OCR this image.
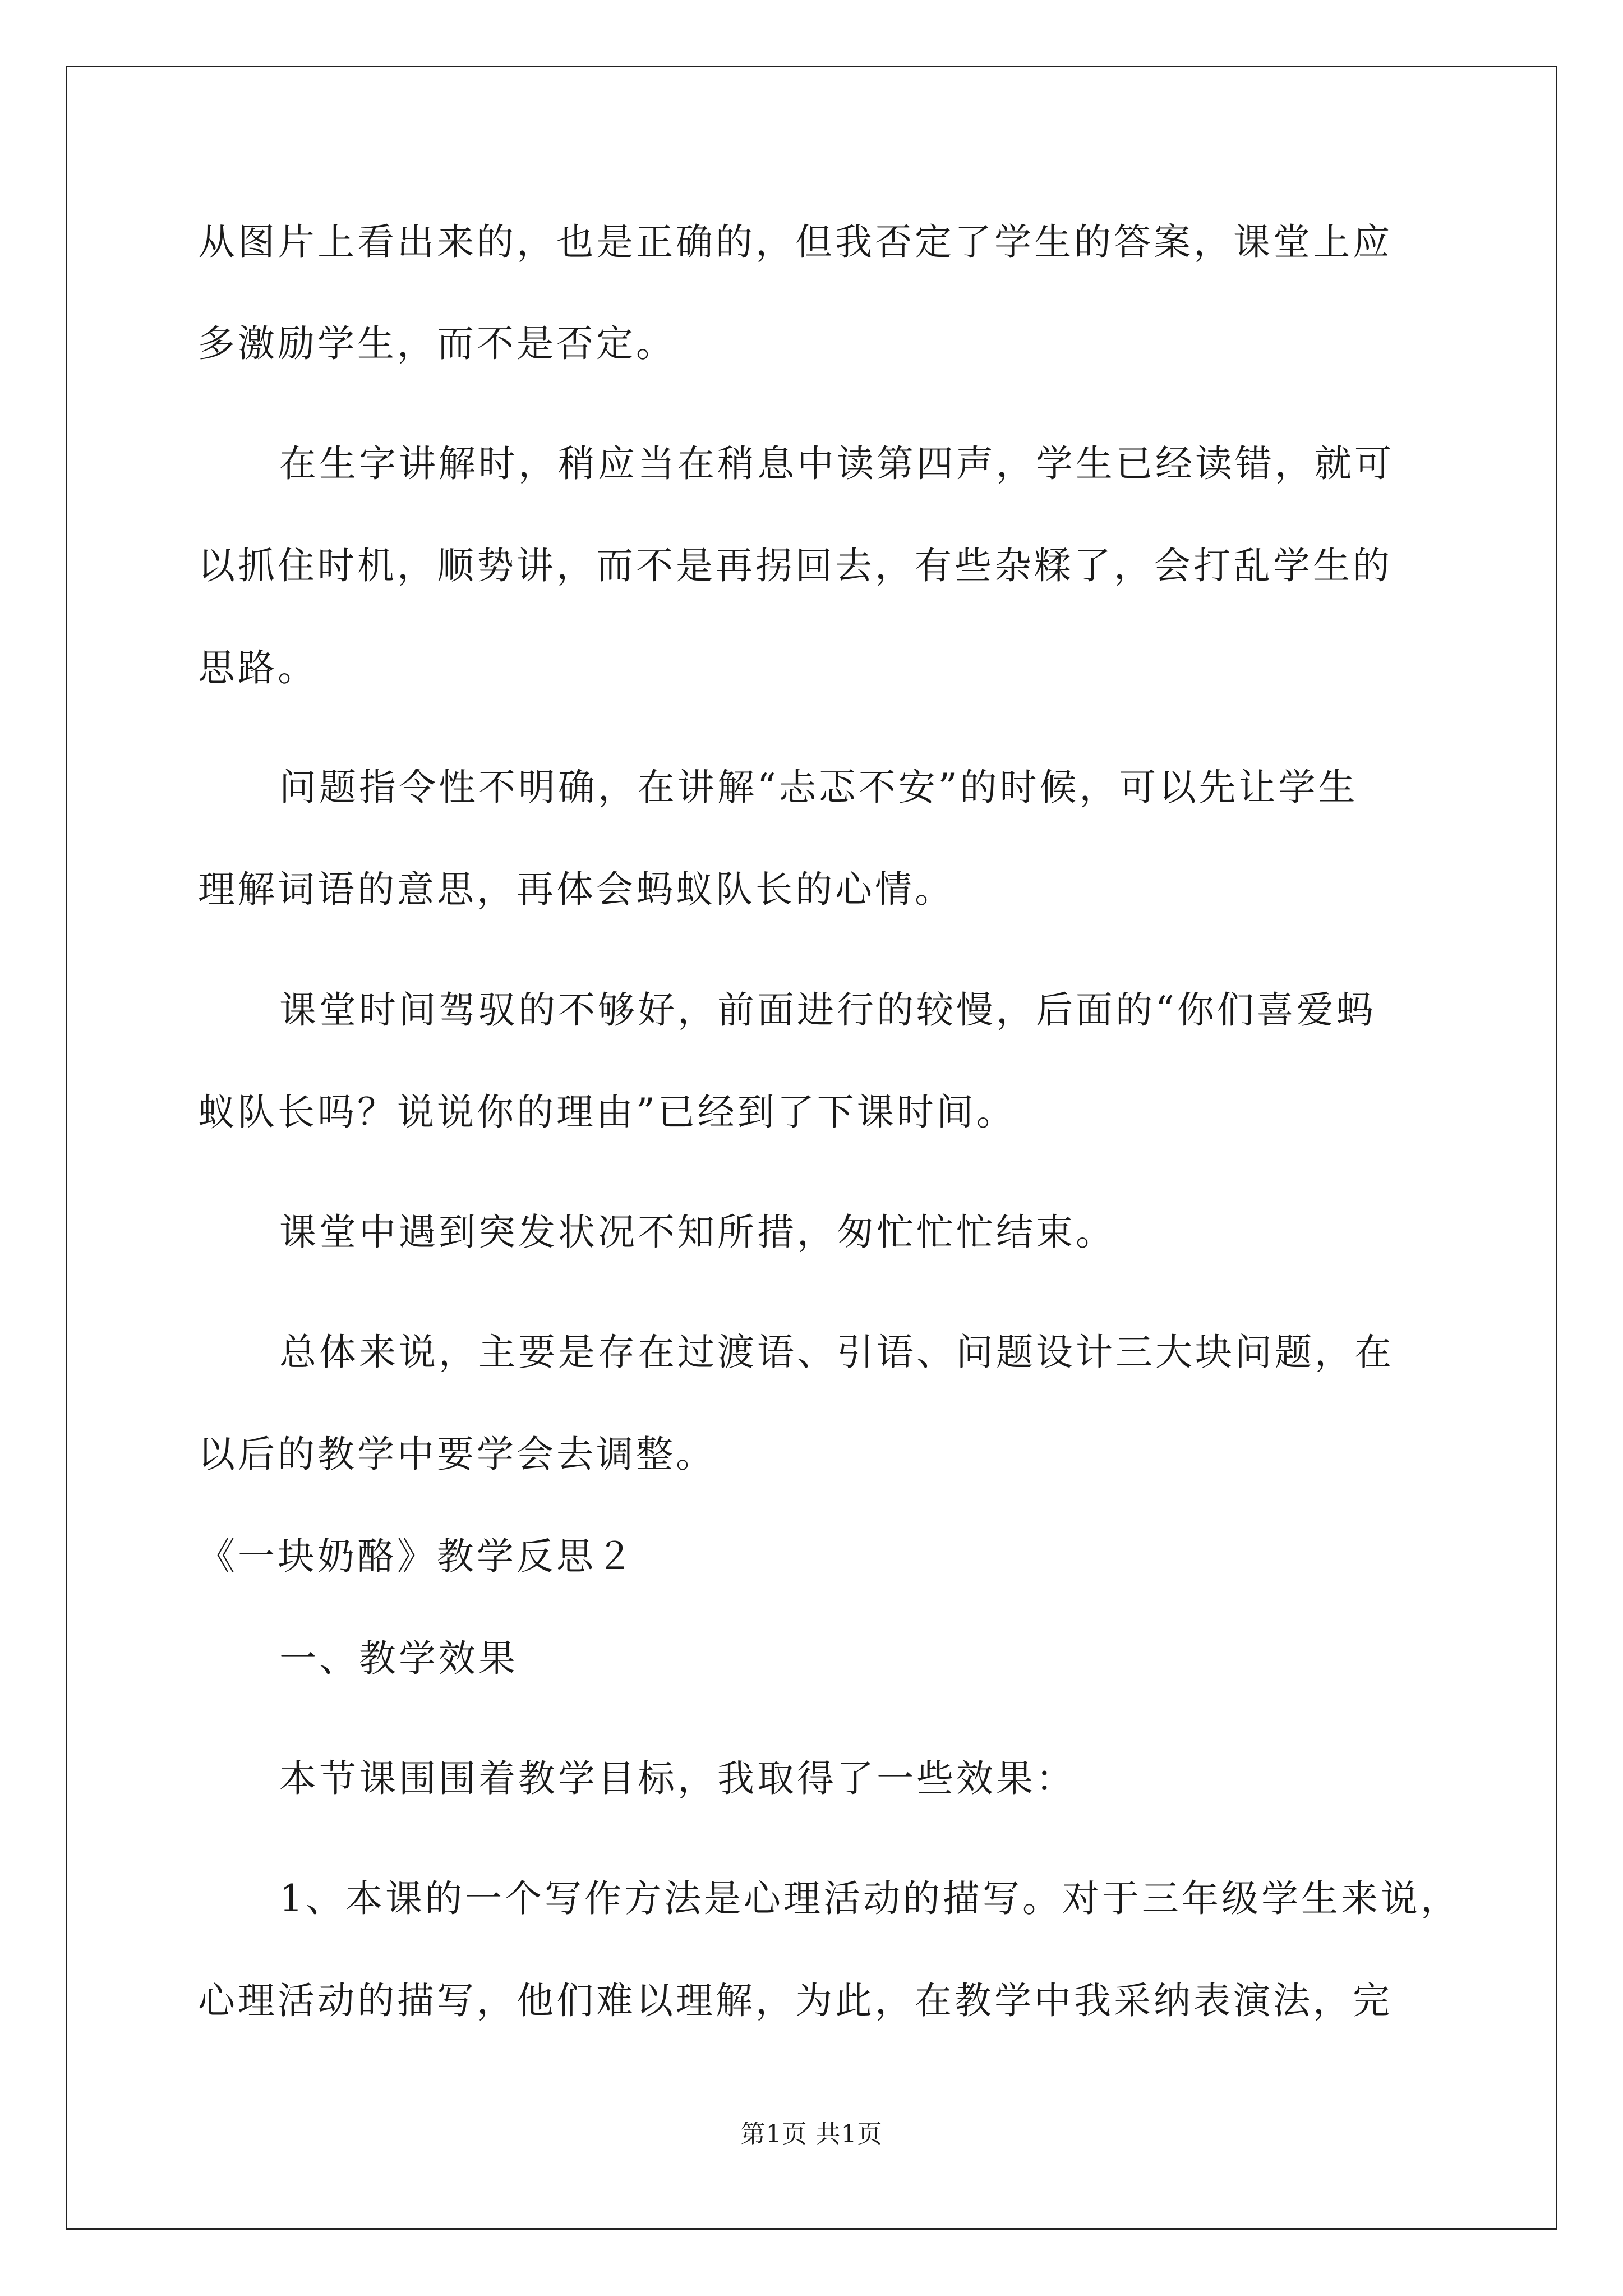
从图片上看出来的，也是正确的，但我否定了学生的答案，课堂上应
多激励学生，而不是否定。
在生字讲解时，稍应当在稍息中读第四声，学生已经读错，就可
以抓住时机，顺势讲，而不是再拐回去，有些杂糅了，会打乱学生的
思路。
问题指令性不明确，在讲解“忐忑不安”的时候，可以先让学生
理解词语的意思，再体会蚂蚁队长的心情。
课堂时间驾驭的不够好，前面进行的较慢，后面的“你们喜爱蚂
蚁队长吗？说说你的理由”已经到了下课时间。
课堂中遇到突发状况不知所措，匆忙忙忙结束。
总体来说，主要是存在过渡语、引语、问题设计三大块问题，在
以后的教学中要学会去调整。
《一块奶酪》教学反思２
一、教学效果
本节课围围着教学目标，我取得了一些效果：
1、本课的一个写作方法是心理活动的描写。对于三年级学生来说，
心理活动的描写，他们难以理解，为此，在教学中我采纳表演法，完
第1页 共1页
